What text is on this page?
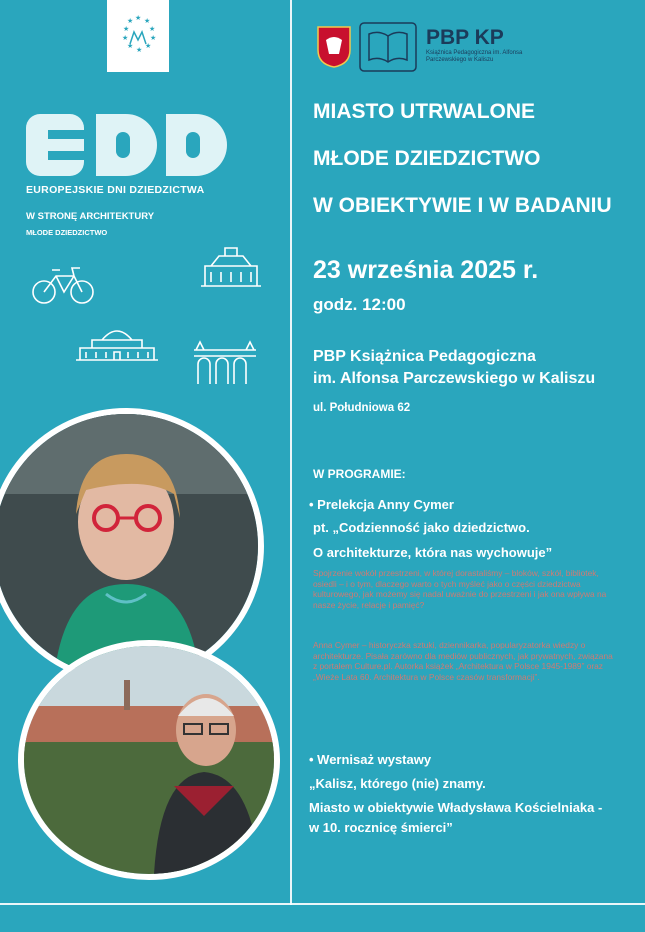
★ ★
★
★
★
★
★
★
★
★
EUROPEJSKIE DNI DZIEDZICTWA
W STRONĘ ARCHITEKTURY
MŁODE DZIEDZICTWO
PBP KP
Książnica Pedagogiczna im. Alfonsa Parczewskiego w Kaliszu
MIASTO UTRWALONE
MŁODE DZIEDZICTWO
W OBIEKTYWIE I W BADANIU
23 września 2025 r.
godz. 12:00
PBP Książnica Pedagogiczna
im. Alfonsa Parczewskiego w Kaliszu
ul. Południowa 62
W PROGRAMIE:
• Prelekcja Anny Cymer
pt. „Codzienność jako dziedzictwo.
O architekturze, która nas wychowuje”
Spojrzenie wokół przestrzeni, w której dorastaliśmy – bloków, szkół, bibliotek, osiedli – i o tym, dlaczego warto o tych myśleć jako o części dziedzictwa kulturowego, jak możemy się nadal uważnie do przestrzeni i jak ona wpływa na nasze życie, relacje i pamięć?
Anna Cymer – historyczka sztuki, dziennikarka, popularyzatorka wiedzy o architekturze. Pisała zarówno dla mediów publicznych, jak prywatnych, związana z portalem Culture.pl. Autorka książek „Architektura w Polsce 1945-1989” oraz „Wieże Lata 60. Architektura w Polsce czasów transformacji”.
• Wernisaż wystawy
„Kalisz, którego (nie) znamy.
Miasto w obiektywie Władysława Kościelniaka -
w 10. rocznicę śmierci”
